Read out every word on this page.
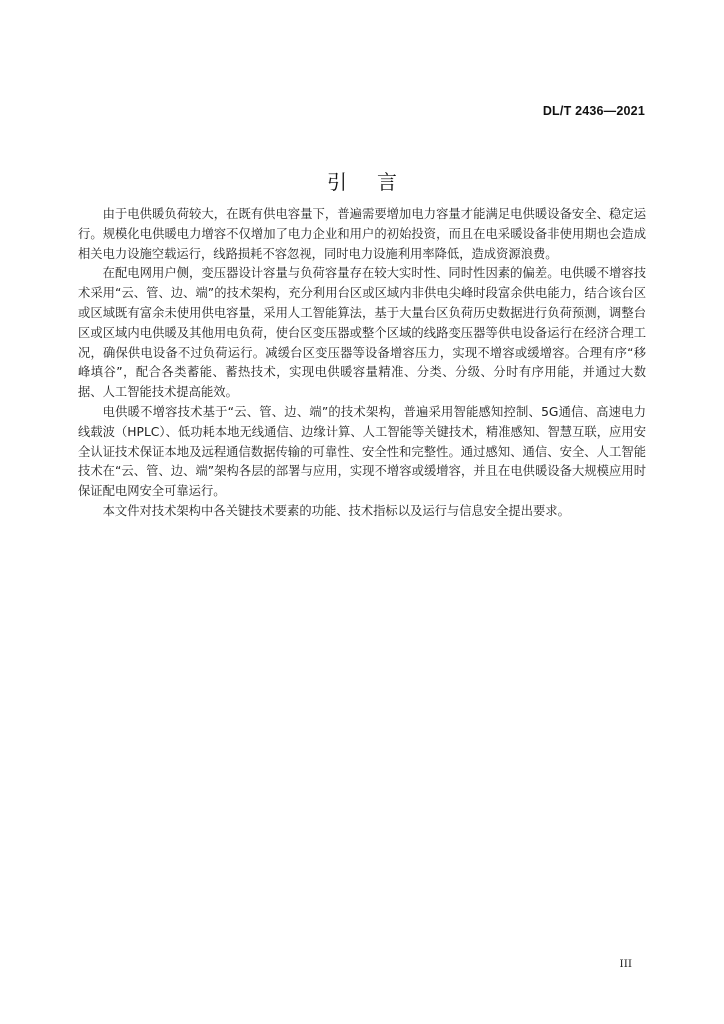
DL/T 2436—2021
引言

由于电供暖负荷较大，在既有供电容量下，普遍需要增加电力容量才能满足电供暖设备安全、稳定运行。规模化电供暖电力增容不仅增加了电力企业和用户的初始投资，而且在电采暖设备非使用期也会造成相关电力设施空载运行，线路损耗不容忽视，同时电力设施利用率降低，造成资源浪费。

在配电网用户侧，变压器设计容量与负荷容量存在较大实时性、同时性因素的偏差。电供暖不增容技术采用“云、管、边、端”的技术架构，充分利用台区或区域内非供电尖峰时段富余供电能力，结合该台区或区域既有富余未使用供电容量，采用人工智能算法，基于大量台区负荷历史数据进行负荷预测，调整台区或区域内电供暖及其他用电负荷，使台区变压器或整个区域的线路变压器等供电设备运行在经济合理工况，确保供电设备不过负荷运行。减缓台区变压器等设备增容压力，实现不增容或缓增容。合理有序“移峰填谷”，配合各类蓄能、蓄热技术，实现电供暖容量精准、分类、分级、分时有序用能，并通过大数据、人工智能技术提高能效。

电供暖不增容技术基于“云、管、边、端”的技术架构，普遍采用智能感知控制、5G通信、高速电力线载波（HPLC）、低功耗本地无线通信、边缘计算、人工智能等关键技术，精准感知、智慧互联，应用安全认证技术保证本地及远程通信数据传输的可靠性、安全性和完整性。通过感知、通信、安全、人工智能技术在“云、管、边、端”架构各层的部署与应用，实现不增容或缓增容，并且在电供暖设备大规模应用时保证配电网安全可靠运行。

本文件对技术架构中各关键技术要素的功能、技术指标以及运行与信息安全提出要求。

III
